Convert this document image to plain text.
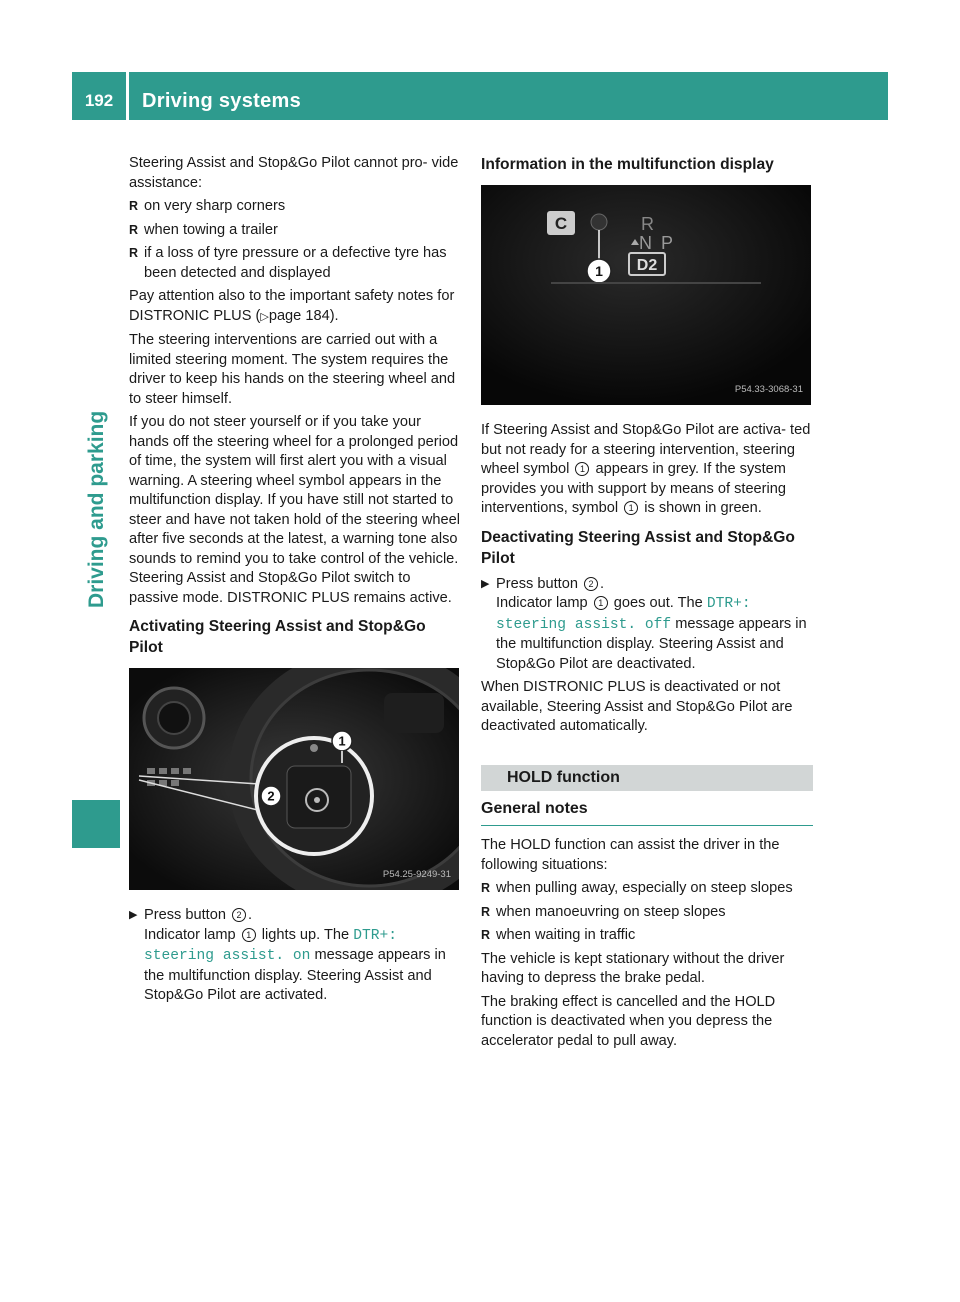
192	Driving systems
Driving and parking

Steering Assist and Stop&Go Pilot cannot pro- vide assistance:

R on very sharp corners
R when towing a trailer
R if a loss of tyre pressure or a defective tyre has been detected and displayed

Pay attention also to the important safety notes for DISTRONIC PLUS (▷page 184).

The steering interventions are carried out with a limited steering moment. The system requires the driver to keep his hands on the steering wheel and to steer himself.

If you do not steer yourself or if you take your hands off the steering wheel for a prolonged period of time, the system will first alert you with a visual warning. A steering wheel symbol appears in the multifunction display. If you have still not started to steer and have not taken hold of the steering wheel after five seconds at the latest, a warning tone also sounds to remind you to take control of the vehicle. Steering Assist and Stop&Go Pilot switch to passive mode. DISTRONIC PLUS remains active.

Activating Steering Assist and Stop&Go Pilot
1
2
P54.25-9249-31
▶ Press button 2 .
Indicator lamp 1 lights up. The DTR+: steering assist. on message appears in the multifunction display. Steering Assist and Stop&Go Pilot are activated.
Information in the multifunction display
C	R
N P
D2
1
P54.33-3068-31

If Steering Assist and Stop&Go Pilot are activa- ted but not ready for a steering intervention, steering wheel symbol 1 appears in grey. If the system provides you with support by means of steering interventions, symbol 1 is shown in green.

Deactivating Steering Assist and Stop&Go Pilot
▶ Press button 2 .
Indicator lamp 1 goes out. The DTR+: steering assist. off message appears in the multifunction display. Steering Assist and Stop&Go Pilot are deactivated.

When DISTRONIC PLUS is deactivated or not available, Steering Assist and Stop&Go Pilot are deactivated automatically.

HOLD function
General notes

The HOLD function can assist the driver in the following situations:

R when pulling away, especially on steep slopes
R when manoeuvring on steep slopes
R when waiting in traffic

The vehicle is kept stationary without the driver having to depress the brake pedal.

The braking effect is cancelled and the HOLD function is deactivated when you depress the accelerator pedal to pull away.
